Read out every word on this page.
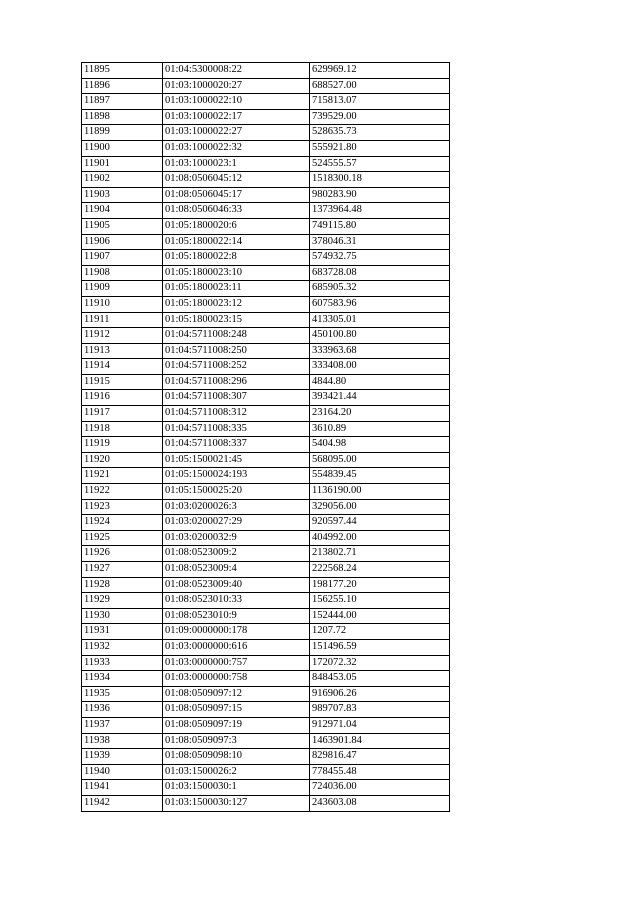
11895	01:04:5300008:22	629969.12
11896	01:03:1000020:27	688527.00
11897	01:03:1000022:10	715813.07
11898	01:03:1000022:17	739529.00
11899	01:03:1000022:27	528635.73
11900	01:03:1000022:32	555921.80
11901	01:03:1000023:1	524555.57
11902	01:08:0506045:12	1518300.18
11903	01:08:0506045:17	980283.90
11904	01:08:0506046:33	1373964.48
11905	01:05:1800020:6	749115.80
11906	01:05:1800022:14	378046.31
11907	01:05:1800022:8	574932.75
11908	01:05:1800023:10	683728.08
11909	01:05:1800023:11	685905.32
11910	01:05:1800023:12	607583.96
11911	01:05:1800023:15	413305.01
11912	01:04:5711008:248	450100.80
11913	01:04:5711008:250	333963.68
11914	01:04:5711008:252	333408.00
11915	01:04:5711008:296	4844.80
11916	01:04:5711008:307	393421.44
11917	01:04:5711008:312	23164.20
11918	01:04:5711008:335	3610.89
11919	01:04:5711008:337	5404.98
11920	01:05:1500021:45	568095.00
11921	01:05:1500024:193	554839.45
11922	01:05:1500025:20	1136190.00
11923	01:03:0200026:3	329056.00
11924	01:03:0200027:29	920597.44
11925	01:03:0200032:9	404992.00
11926	01:08:0523009:2	213802.71
11927	01:08:0523009:4	222568.24
11928	01:08:0523009:40	198177.20
11929	01:08:0523010:33	156255.10
11930	01:08:0523010:9	152444.00
11931	01:09:0000000:178	1207.72
11932	01:03:0000000:616	151496.59
11933	01:03:0000000:757	172072.32
11934	01:03:0000000:758	848453.05
11935	01:08:0509097:12	916906.26
11936	01:08:0509097:15	989707.83
11937	01:08:0509097:19	912971.04
11938	01:08:0509097:3	1463901.84
11939	01:08:0509098:10	829816.47
11940	01:03:1500026:2	778455.48
11941	01:03:1500030:1	724036.00
11942	01:03:1500030:127	243603.08
